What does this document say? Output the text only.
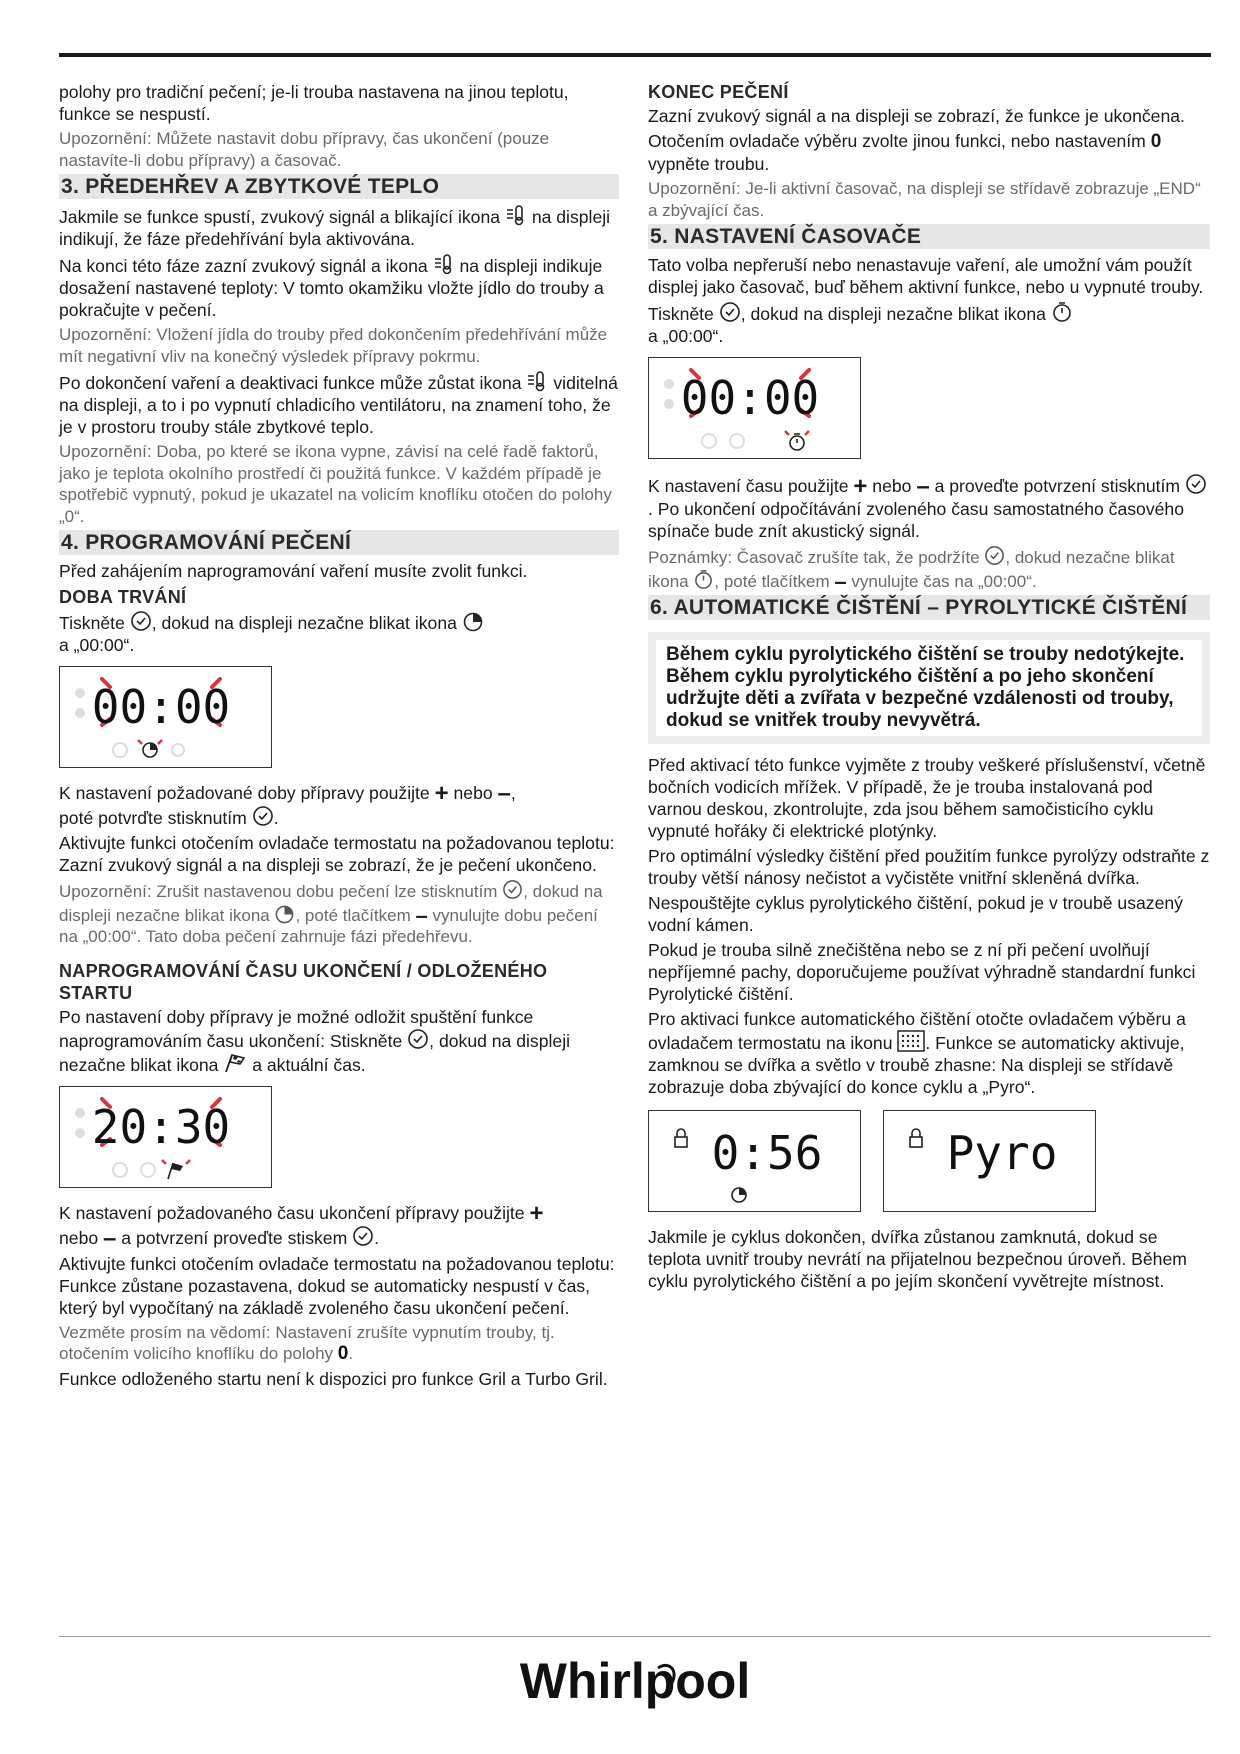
polohy pro tradiční pečení; je-li trouba nastavena na jinou teplotu, funkce se nespustí.

Upozornění: Můžete nastavit dobu přípravy, čas ukončení (pouze nastavíte-li dobu přípravy) a časovač.

3. PŘEDEHŘEV A ZBYTKOVÉ TEPLO

Jakmile se funkce spustí, zvukový signál a blikající ikona na displeji indikují, že fáze předehřívání byla aktivována.

Na konci této fáze zazní zvukový signál a ikona na displeji indikuje dosažení nastavené teploty: V tomto okamžiku vložte jídlo do trouby a pokračujte v pečení.

Upozornění: Vložení jídla do trouby před dokončením předehřívání může mít negativní vliv na konečný výsledek přípravy pokrmu.

Po dokončení vaření a deaktivaci funkce může zůstat ikona viditelná na displeji, a to i po vypnutí chladicího ventilátoru, na znamení toho, že je v prostoru trouby stále zbytkové teplo.

Upozornění: Doba, po které se ikona vypne, závisí na celé řadě faktorů, jako je teplota okolního prostředí či použitá funkce. V každém případě je spotřebič vypnutý, pokud je ukazatel na volicím knoflíku otočen do polohy „0“.

4. PROGRAMOVÁNÍ PEČENÍ

Před zahájením naprogramování vaření musíte zvolit funkci.

DOBA TRVÁNÍ

Tiskněte , dokud na displeji nezačne blikat ikona
a „00:00“.

00:00

K nastavení požadované doby přípravy použijte + nebo –,
poté potvrďte stisknutím .

Aktivujte funkci otočením ovladače termostatu na požadovanou teplotu: Zazní zvukový signál a na displeji se zobrazí, že je pečení ukončeno.

Upozornění: Zrušit nastavenou dobu pečení lze stisknutím , dokud na displeji nezačne blikat ikona , poté tlačítkem – vynulujte dobu pečení na „00:00“. Tato doba pečení zahrnuje fázi předehřevu.

NAPROGRAMOVÁNÍ ČASU UKONČENÍ / ODLOŽENÉHO STARTU

Po nastavení doby přípravy je možné odložit spuštění funkce naprogramováním času ukončení: Stiskněte , dokud na displeji nezačne blikat ikona a aktuální čas.

20:30

K nastavení požadovaného času ukončení přípravy použijte +
nebo – a potvrzení proveďte stiskem .

Aktivujte funkci otočením ovladače termostatu na požadovanou teplotu: Funkce zůstane pozastavena, dokud se automaticky nespustí v čas, který byl vypočítaný na základě zvoleného času ukončení pečení.

Vezměte prosím na vědomí: Nastavení zrušíte vypnutím trouby, tj. otočením volicího knoflíku do polohy 0.

Funkce odloženého startu není k dispozici pro funkce Gril a Turbo Gril.

KONEC PEČENÍ

Zazní zvukový signál a na displeji se zobrazí, že funkce je ukončena.

Otočením ovladače výběru zvolte jinou funkci, nebo nastavením 0 vypněte troubu.

Upozornění: Je-li aktivní časovač, na displeji se střídavě zobrazuje „END“ a zbývající čas.

5. NASTAVENÍ ČASOVAČE

Tato volba nepřeruší nebo nenastavuje vaření, ale umožní vám použít displej jako časovač, buď během aktivní funkce, nebo u vypnuté trouby.

Tiskněte , dokud na displeji nezačne blikat ikona
a „00:00“.

00:00

K nastavení času použijte + nebo – a proveďte potvrzení stisknutím . Po ukončení odpočítávání zvoleného času samostatného časového spínače bude znít akustický signál.

Poznámky: Časovač zrušíte tak, že podržíte , dokud nezačne blikat ikona , poté tlačítkem – vynulujte čas na „00:00“.

6. AUTOMATICKÉ ČIŠTĚNÍ – PYROLYTICKÉ ČIŠTĚNÍ
Během cyklu pyrolytického čištění se trouby nedotýkejte. Během cyklu pyrolytického čištění a po jeho skončení udržujte děti a zvířata v bezpečné vzdálenosti od trouby, dokud se vnitřek trouby nevyvětrá.

Před aktivací této funkce vyjměte z trouby veškeré příslušenství, včetně bočních vodicích mřížek. V případě, že je trouba instalovaná pod varnou deskou, zkontrolujte, zda jsou během samočisticího cyklu vypnuté hořáky či elektrické plotýnky.

Pro optimální výsledky čištění před použitím funkce pyrolýzy odstraňte z trouby větší nánosy nečistot a vyčistěte vnitřní skleněná dvířka.

Nespouštějte cyklus pyrolytického čištění, pokud je v troubě usazený vodní kámen.

Pokud je trouba silně znečištěna nebo se z ní při pečení uvolňují nepříjemné pachy, doporučujeme používat výhradně standardní funkci Pyrolytické čištění.

Pro aktivaci funkce automatického čištění otočte ovladačem výběru a ovladačem termostatu na ikonu . Funkce se automaticky aktivuje, zamknou se dvířka a světlo v troubě zhasne: Na displeji se střídavě zobrazuje doba zbývající do konce cyklu a „Pyro“.

0:56	Pyro

Jakmile je cyklus dokončen, dvířka zůstanou zamknutá, dokud se teplota uvnitř trouby nevrátí na přijatelnou bezpečnou úroveň. Během cyklu pyrolytického čištění a po jejím skončení vyvětrejte místnost.

Whirlpool
